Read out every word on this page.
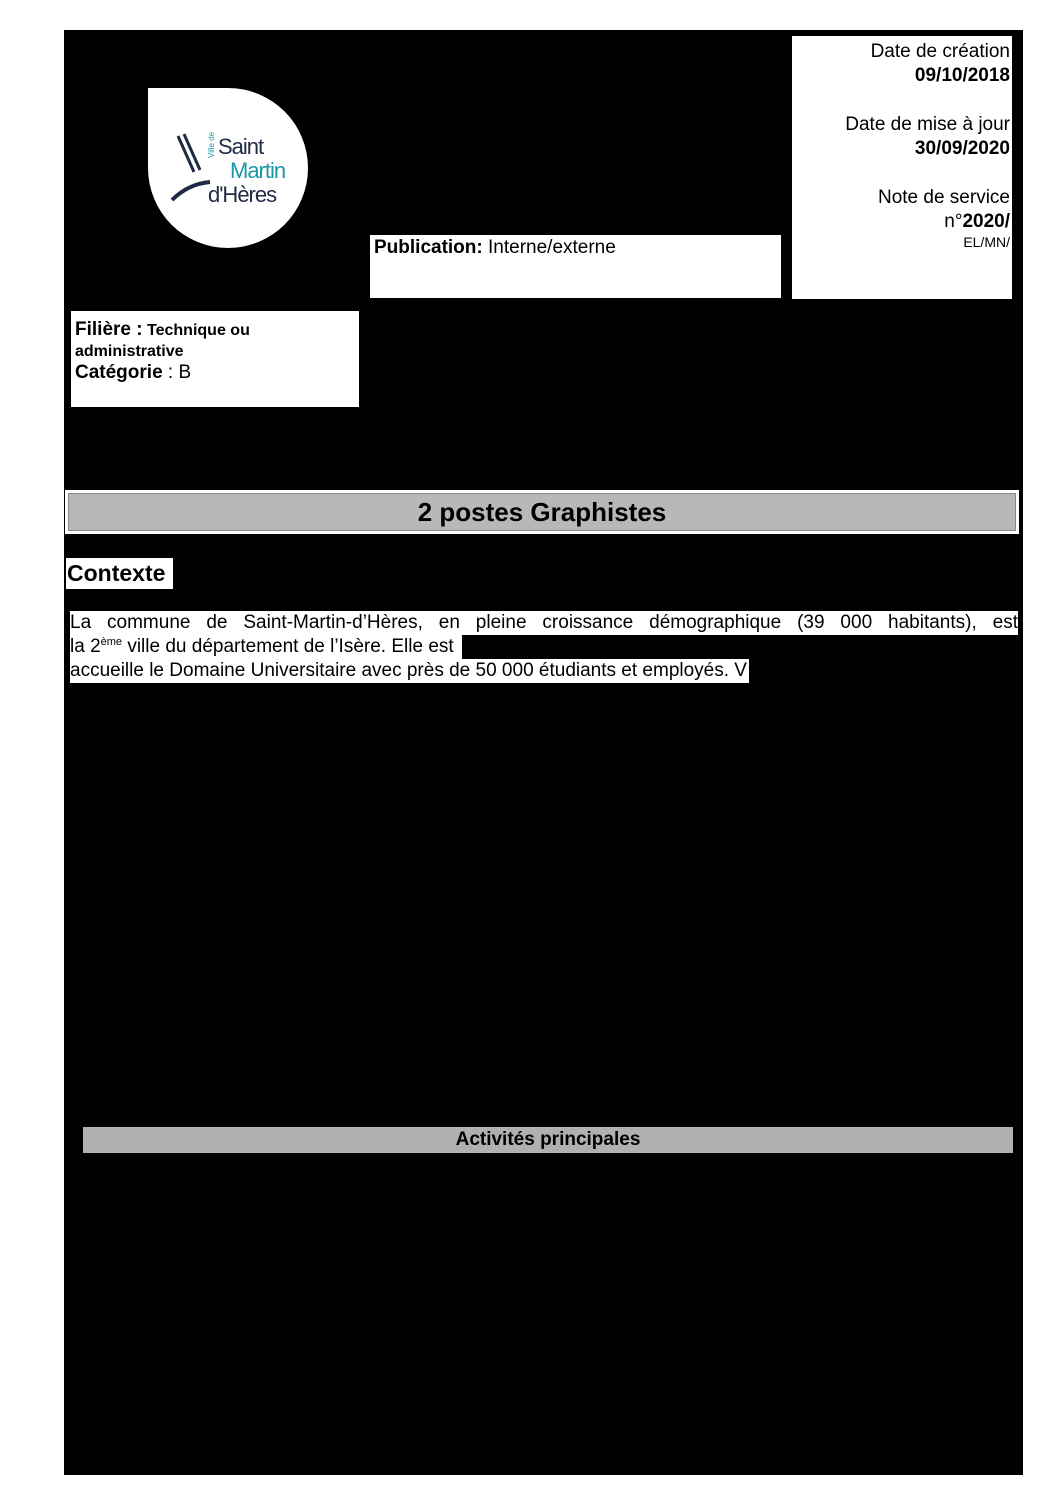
Ville de Saint
Martin
d'Hères
Date de création
09/10/2018
Date de mise à jour
30/09/2020
Note de service
n°2020/
EL/MN/
Publication: Interne/externe
Filière : Technique ou
administrative
Catégorie : B
2 postes Graphistes
Contexte
La commune de Saint-Martin-d’Hères, en pleine croissance démographique (39 000 habitants), est
la 2ème ville du département de l’Isère. Elle est
accueille le Domaine Universitaire avec près de 50 000 étudiants et employés. V
Activités principales
